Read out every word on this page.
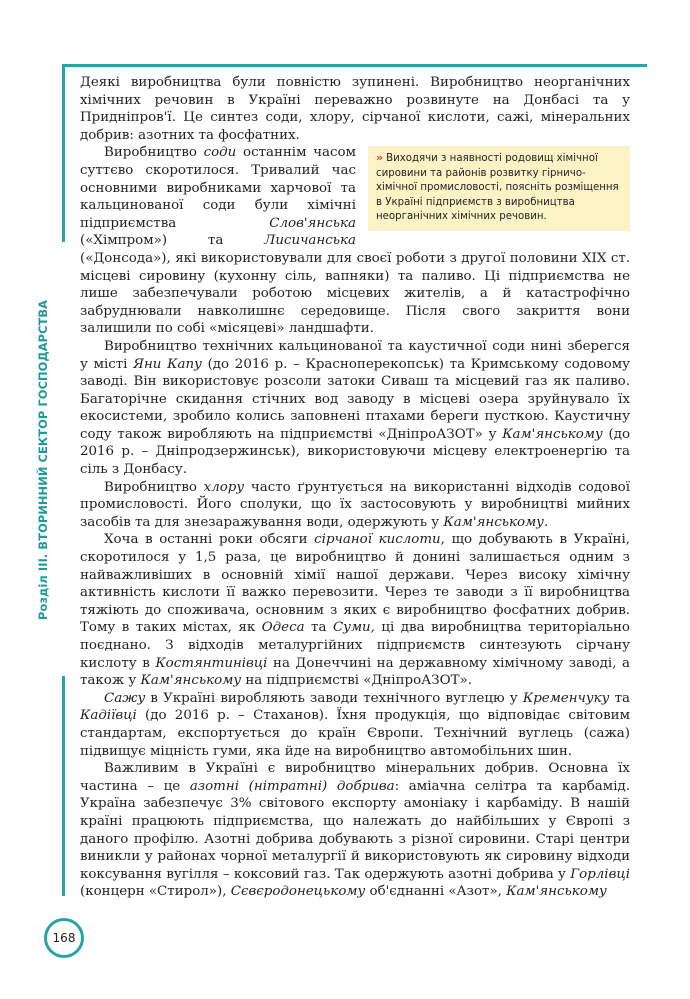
Розділ ІІІ. ВТОРИННИЙ СЕКТОР ГОСПОДАРСТВА

Деякі виробництва були повністю зупинені. Виробництво неорганічних хімічних речовин в Україні переважно розвинуте на Донбасі та у Придніпров'ї. Це синтез соди, хлору, сірчаної кислоти, сажі, мінеральних добрив: азотних та фосфатних.

» Виходячи з наявності родовищ хімічної сировини та районів розвитку гірничо-хімічної промисловості, поясніть розміщення в Україні підприємств з виробництва неорганічних хімічних речовин.

Виробництво соди останнім часом суттєво скоротилося. Тривалий час основними виробниками харчової та кальцинованої соди були хімічні підприємства Слов'янська («Хімпром») та Лисичанська («Донсода»), які використовували для своєї роботи з другої половини XIX ст. місцеві сировину (кухонну сіль, вапняки) та паливо. Ці підприємства не лише забезпечували роботою місцевих жителів, а й катастрофічно забруднювали навколишнє середовище. Після свого закриття вони залишили по собі «місяцеві» ландшафти.

Виробництво технічних кальцинованої та каустичної соди нині зберегся у місті Яни Капу (до 2016 р. – Красноперекопськ) та Кримському содовому заводі. Він використовує розсоли затоки Сиваш та місцевий газ як паливо. Багаторічне скидання стічних вод заводу в місцеві озера зруйнувало їх екосистеми, зробило колись заповнені птахами береги пусткою. Каустичну соду також виробляють на підприємстві «ДніпроАЗОТ» у Кам'янському (до 2016 р. – Дніпродзержинськ), використовуючи місцеву електроенергію та сіль з Донбасу.

Виробництво хлору часто ґрунтується на використанні відходів содової промисловості. Його сполуки, що їх застосовують у виробництві мийних засобів та для знезаражування води, одержують у Кам'янському.

Хоча в останні роки обсяги сірчаної кислоти, що добувають в Україні, скоротилося у 1,5 раза, це виробництво й донині залишається одним з найважливіших в основній хімії нашої держави. Через високу хімічну активність кислоти її важко перевозити. Через те заводи з її виробництва тяжіють до споживача, основним з яких є виробництво фосфатних добрив. Тому в таких містах, як Одеса та Суми, ці два виробництва територіально поєднано. З відходів металургійних підприємств синтезують сірчану кислоту в Костянтинівці на Донеччині на державному хімічному заводі, а також у Кам'янському на підприємстві «ДніпроАЗОТ».

Сажу в Україні виробляють заводи технічного вуглецю у Кременчуку та Кадіївці (до 2016 р. – Стаханов). Їхня продукція, що відповідає світовим стандартам, експортується до країн Європи. Технічний вуглець (сажа) підвищує міцність гуми, яка йде на виробництво автомобільних шин.

Важливим в Україні є виробництво мінеральних добрив. Основна їх частина – це азотні (нітратні) добрива: аміачна селітра та карбамід. Україна забезпечує 3% світового експорту амоніаку і карбаміду. В нашій країні працюють підприємства, що належать до найбільших у Європі з даного профілю. Азотні добрива добувають з різної сировини. Старі центри виникли у районах чорної металургії й використовують як сировину відходи коксування вугілля – коксовий газ. Так одержують азотні добрива у Горлівці (концерн «Стирол»), Сєвєродонецькому об'єднанні «Азот», Кам'янському

168
